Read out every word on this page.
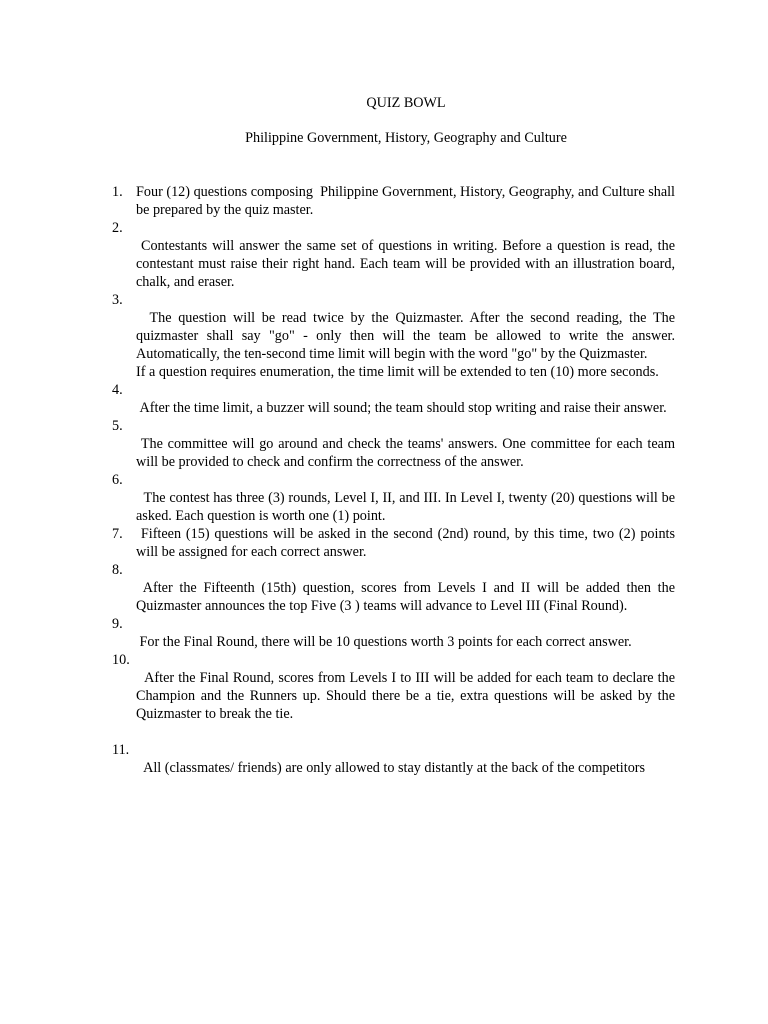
QUIZ BOWL
Philippine Government, History, Geography and Culture
1. Four (12) questions composing  Philippine Government, History, Geography, and Culture shall be prepared by the quiz master.

2.

Contestants will answer the same set of questions in writing. Before a question is read, the contestant must raise their right hand. Each team will be provided with an illustration board, chalk, and eraser.

3.

The question will be read twice by the Quizmaster. After the second reading, the The quizmaster shall say "go" - only then will the team be allowed to write the answer. Automatically, the ten-second time limit will begin with the word "go" by the Quizmaster.

If a question requires enumeration, the time limit will be extended to ten (10) more seconds.

4.

After the time limit, a buzzer will sound; the team should stop writing and raise their answer.

5.

The committee will go around and check the teams' answers. One committee for each team will be provided to check and confirm the correctness of the answer.

6.

The contest has three (3) rounds, Level I, II, and III. In Level I, twenty (20) questions will be asked. Each question is worth one (1) point.

7. Fifteen (15) questions will be asked in the second (2nd) round, by this time, two (2) points will be assigned for each correct answer.

8.

After the Fifteenth (15th) question, scores from Levels I and II will be added then the Quizmaster announces the top Five (3 ) teams will advance to Level III (Final Round).

9.

For the Final Round, there will be 10 questions worth 3 points for each correct answer.

10.

After the Final Round, scores from Levels I to III will be added for each team to declare the Champion and the Runners up. Should there be a tie, extra questions will be asked by the Quizmaster to break the tie.

11.

All (classmates/ friends) are only allowed to stay distantly at the back of the competitors
